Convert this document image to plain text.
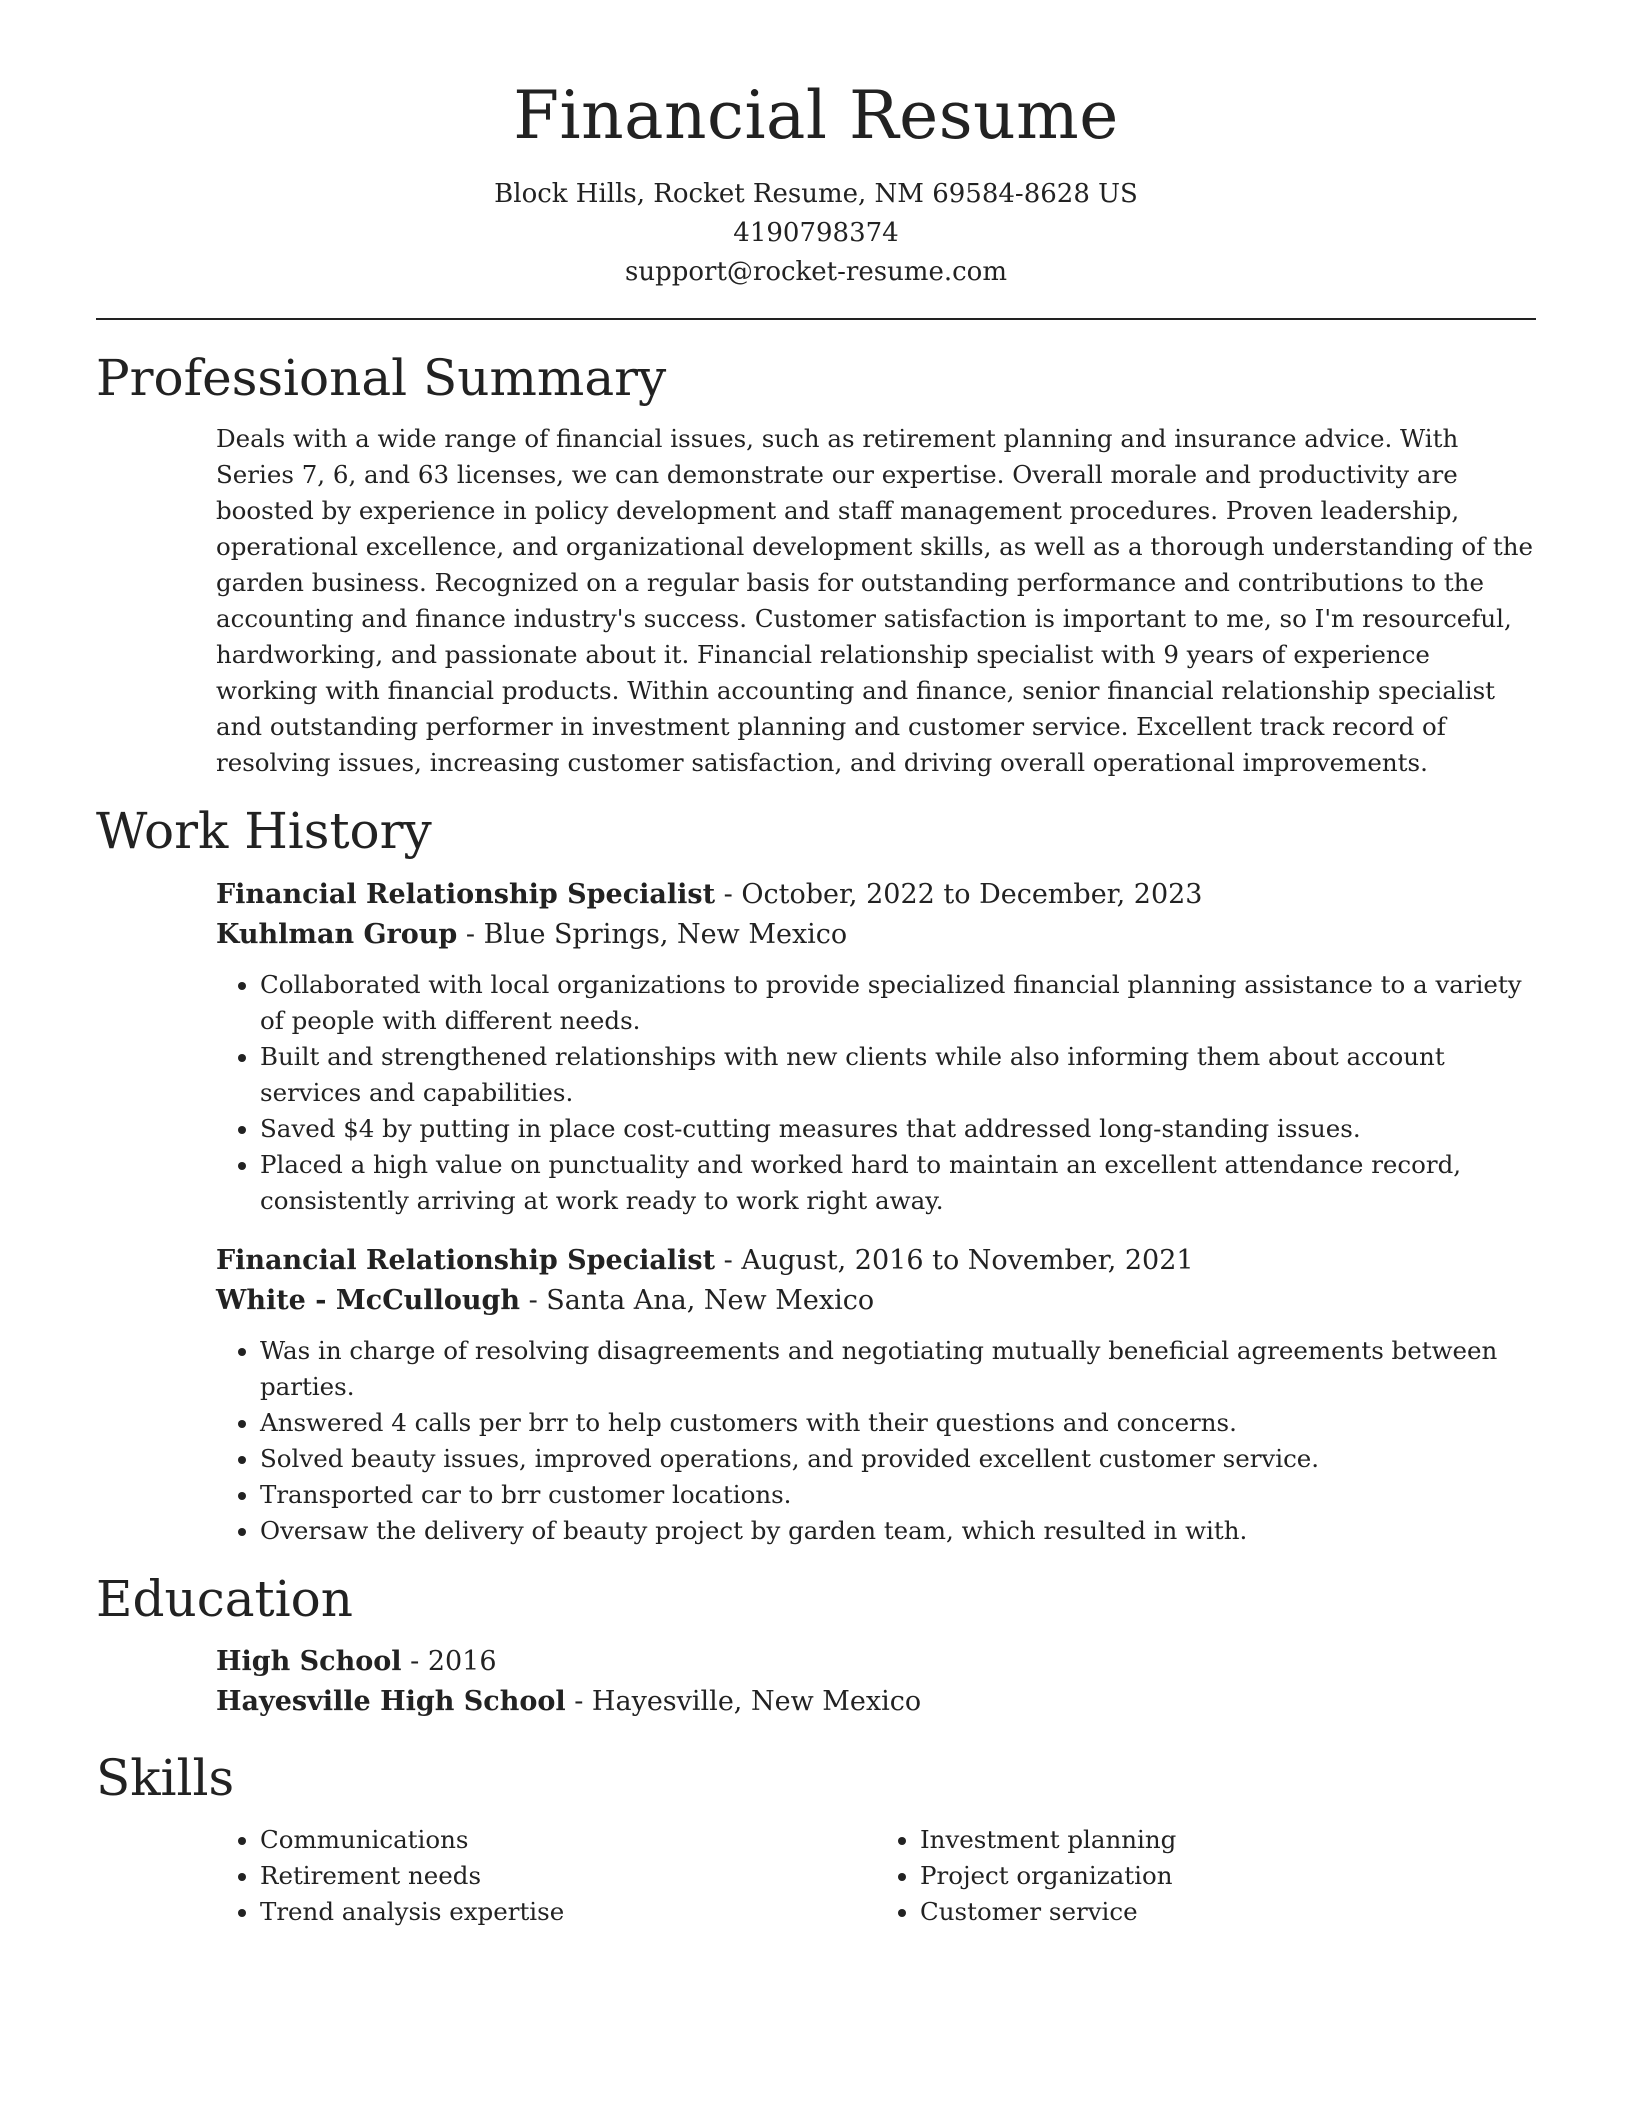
Financial Resume

Block Hills, Rocket Resume, NM 69584-8628 US

4190798374

support@rocket-resume.com

Professional Summary

Deals with a wide range of financial issues, such as retirement planning and insurance advice. With Series 7, 6, and 63 licenses, we can demonstrate our expertise. Overall morale and productivity are boosted by experience in policy development and staff management procedures. Proven leadership, operational excellence, and organizational development skills, as well as a thorough understanding of the garden business. Recognized on a regular basis for outstanding performance and contributions to the accounting and finance industry's success. Customer satisfaction is important to me, so I'm resourceful, hardworking, and passionate about it. Financial relationship specialist with 9 years of experience working with financial products. Within accounting and finance, senior financial relationship specialist and outstanding performer in investment planning and customer service. Excellent track record of resolving issues, increasing customer satisfaction, and driving overall operational improvements.

Work History

Financial Relationship Specialist - October, 2022 to December, 2023

Kuhlman Group - Blue Springs, New Mexico

• Collaborated with local organizations to provide specialized financial planning assistance to a variety of people with different needs.
• Built and strengthened relationships with new clients while also informing them about account services and capabilities.
• Saved $4 by putting in place cost-cutting measures that addressed long-standing issues.
• Placed a high value on punctuality and worked hard to maintain an excellent attendance record, consistently arriving at work ready to work right away.

Financial Relationship Specialist - August, 2016 to November, 2021

White - McCullough - Santa Ana, New Mexico

• Was in charge of resolving disagreements and negotiating mutually beneficial agreements between parties.
• Answered 4 calls per brr to help customers with their questions and concerns.
• Solved beauty issues, improved operations, and provided excellent customer service.
• Transported car to brr customer locations.
• Oversaw the delivery of beauty project by garden team, which resulted in with.
Education

High School - 2016

Hayesville High School - Hayesville, New Mexico

Skills
• Communications
• Retirement needs
• Trend analysis expertise
• Investment planning
• Project organization
• Customer service
